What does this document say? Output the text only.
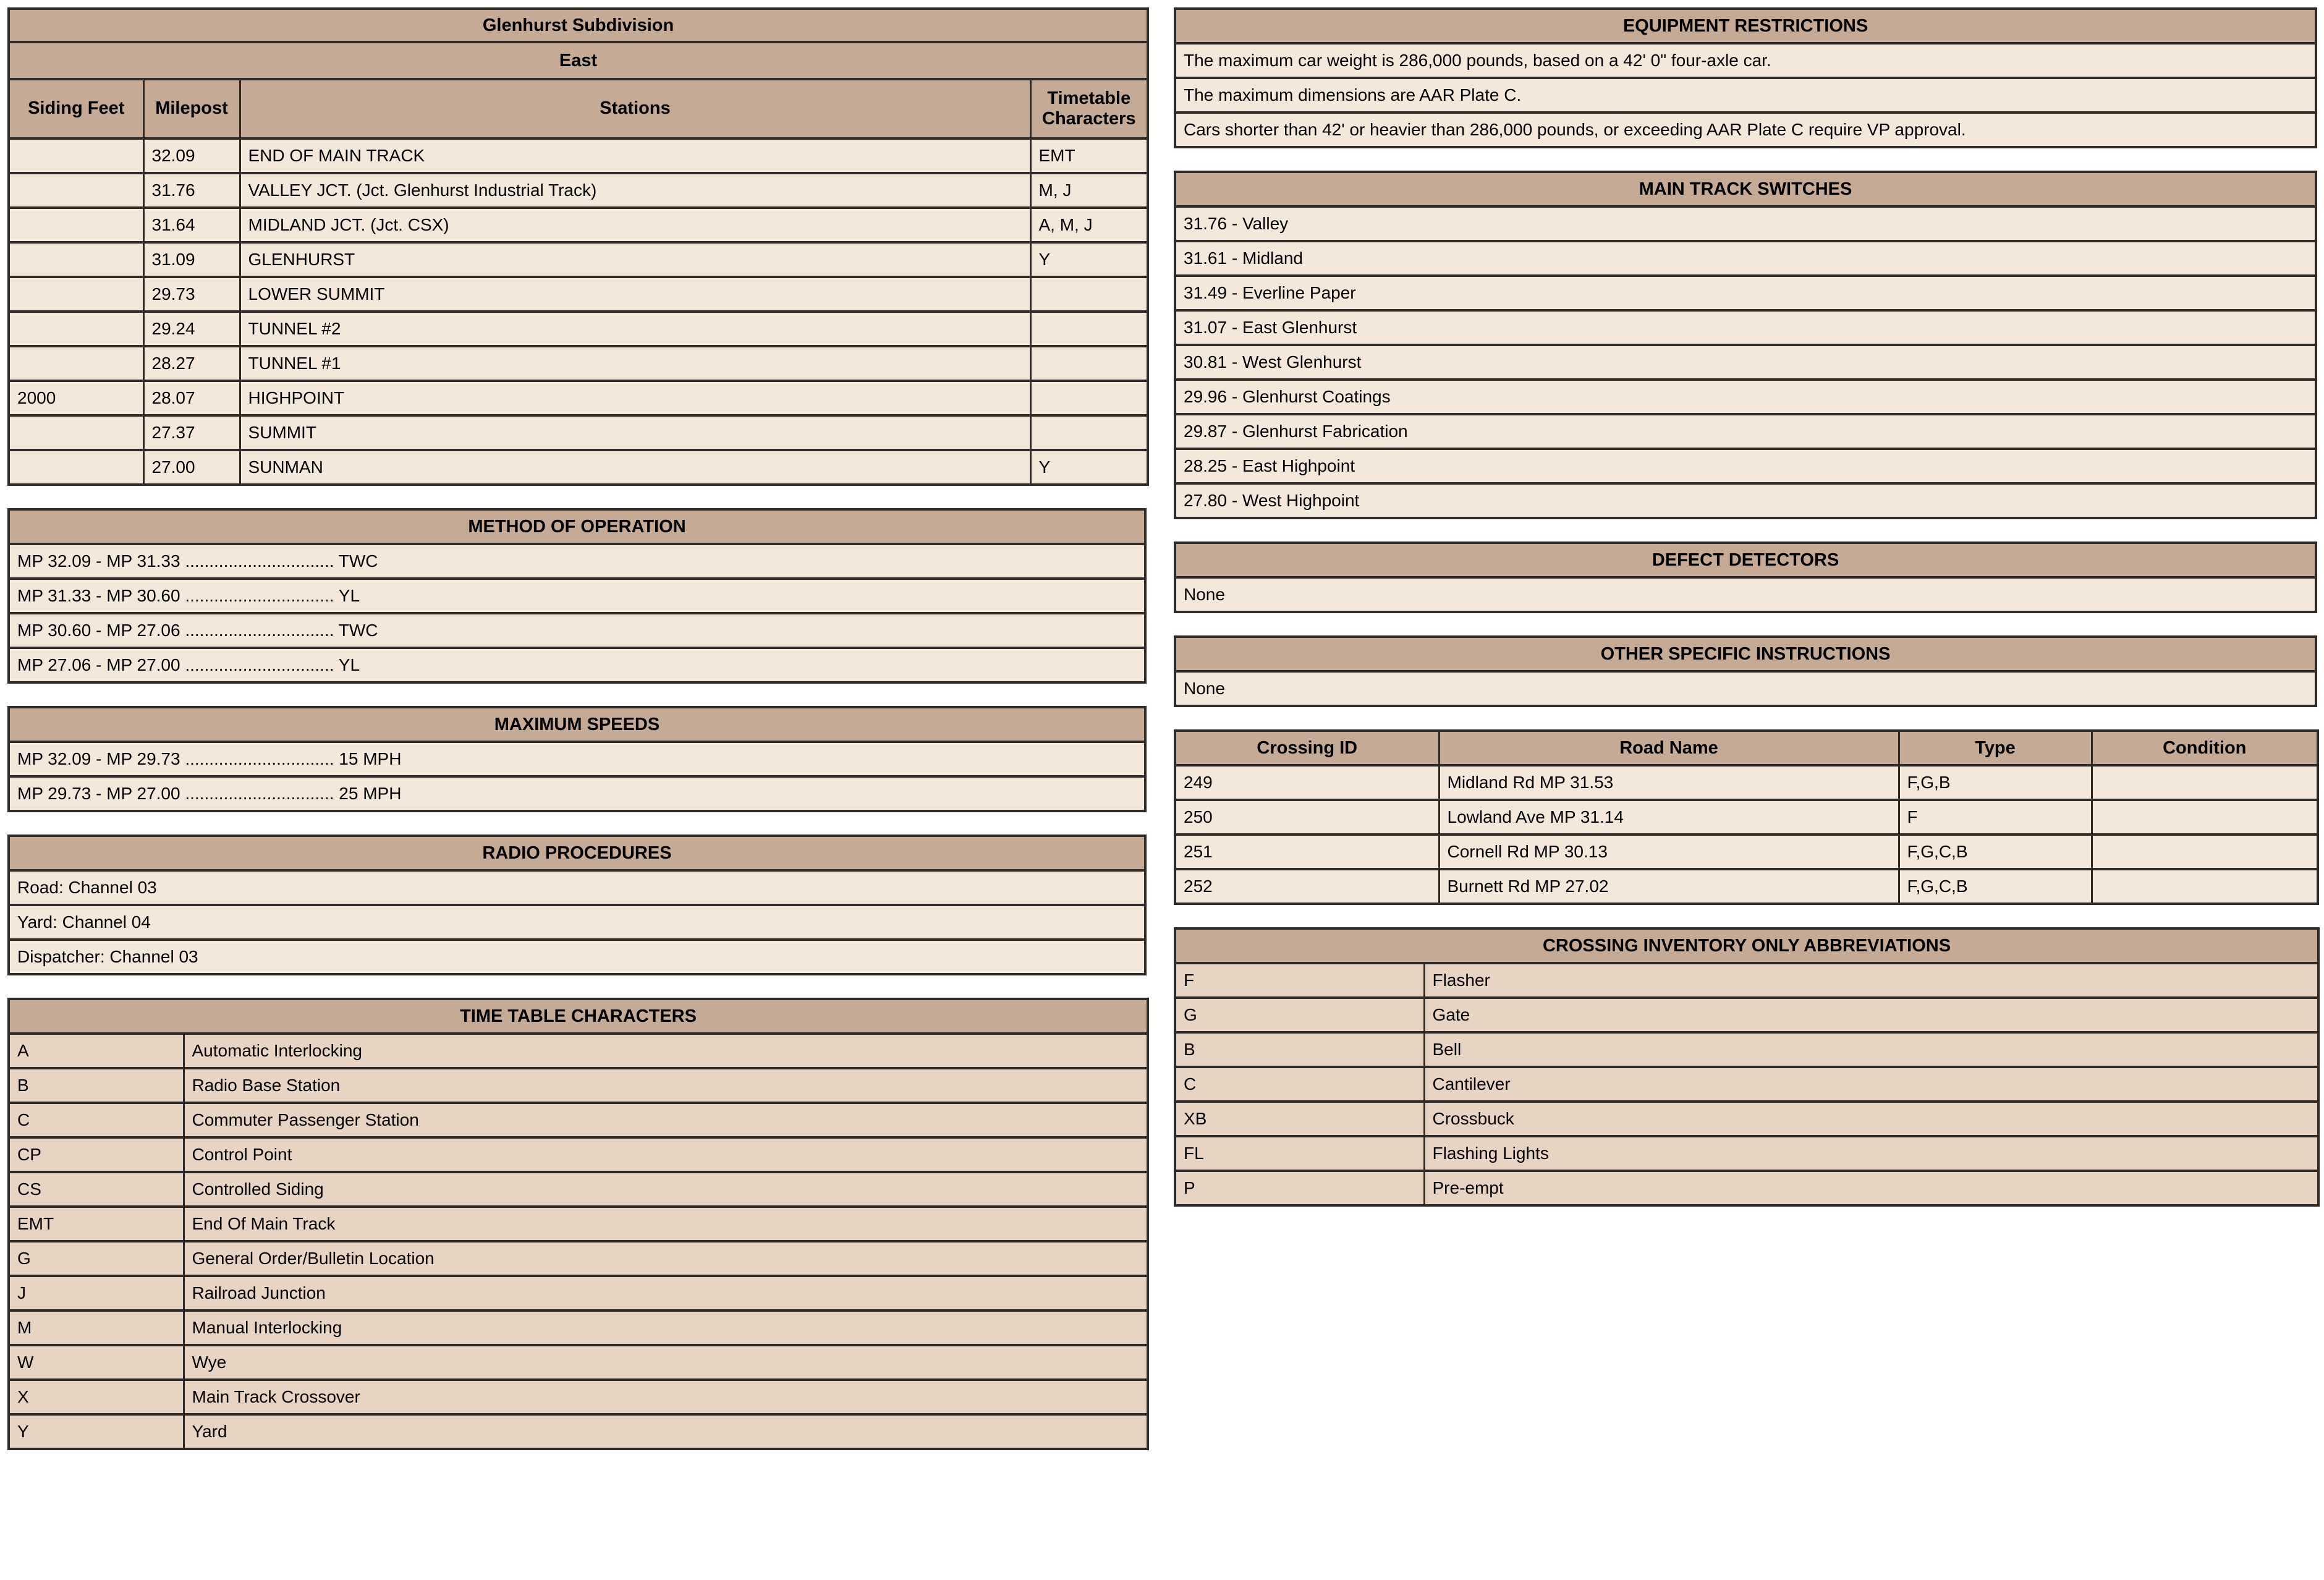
Glenhurst Subdivision			
East			
Siding Feet	Milepost	Stations	Timetable Characters
	32.09	END OF MAIN TRACK	EMT
	31.76	VALLEY JCT. (Jct. Glenhurst Industrial Track)	M, J
	31.64	MIDLAND JCT. (Jct. CSX)	A, M, J
	31.09	GLENHURST	Y
	29.73	LOWER SUMMIT	
	29.24	TUNNEL #2	
	28.27	TUNNEL #1	
2000	28.07	HIGHPOINT	
	27.37	SUMMIT	
	27.00	SUNMAN	Y
METHOD OF OPERATION
MP 32.09 - MP 31.33 ............................... TWC
MP 31.33 - MP 30.60 ............................... YL
MP 30.60 - MP 27.06 ............................... TWC
MP 27.06 - MP 27.00 ............................... YL
MAXIMUM SPEEDS
MP 32.09 - MP 29.73 ............................... 15 MPH
MP 29.73 - MP 27.00 ............................... 25 MPH
RADIO PROCEDURES
Road: Channel 03
Yard: Channel 04
Dispatcher: Channel 03
TIME TABLE CHARACTERS	
A	Automatic Interlocking
B	Radio Base Station
C	Commuter Passenger Station
CP	Control Point
CS	Controlled Siding
EMT	End Of Main Track
G	General Order/Bulletin Location
J	Railroad Junction
M	Manual Interlocking
W	Wye
X	Main Track Crossover
Y	Yard
EQUIPMENT RESTRICTIONS
The maximum car weight is 286,000 pounds, based on a 42' 0" four-axle car.
The maximum dimensions are AAR Plate C.
Cars shorter than 42' or heavier than 286,000 pounds, or exceeding AAR Plate C require VP approval.
MAIN TRACK SWITCHES
31.76 - Valley
31.61 - Midland
31.49 - Everline Paper
31.07 - East Glenhurst
30.81 - West Glenhurst
29.96 - Glenhurst Coatings
29.87 - Glenhurst Fabrication
28.25 - East Highpoint
27.80 - West Highpoint
DEFECT DETECTORS
None
OTHER SPECIFIC INSTRUCTIONS
None
Crossing ID	Road Name	Type	Condition
249	Midland Rd MP 31.53	F,G,B	
250	Lowland Ave MP 31.14	F	
251	Cornell Rd MP 30.13	F,G,C,B	
252	Burnett Rd MP 27.02	F,G,C,B	
CROSSING INVENTORY ONLY ABBREVIATIONS	
F	Flasher
G	Gate
B	Bell
C	Cantilever
XB	Crossbuck
FL	Flashing Lights
P	Pre-empt
